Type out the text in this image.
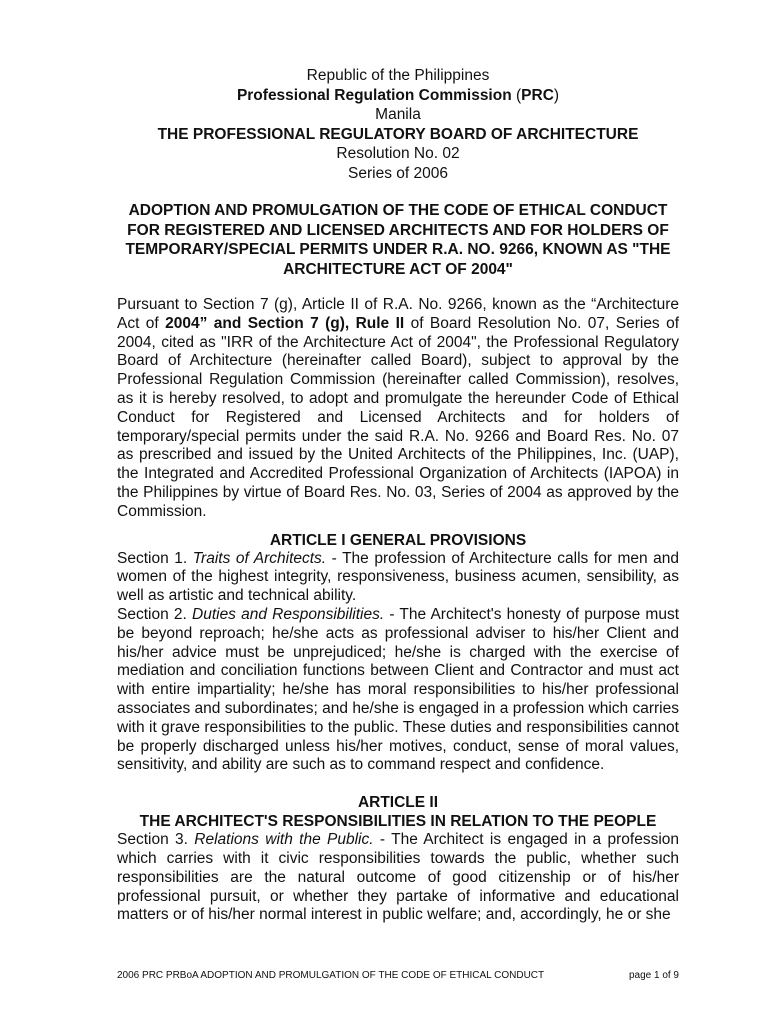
Republic of the Philippines
Professional Regulation Commission (PRC)
Manila
THE PROFESSIONAL REGULATORY BOARD OF ARCHITECTURE
Resolution No. 02
Series of 2006
ADOPTION AND PROMULGATION OF THE CODE OF ETHICAL CONDUCT FOR REGISTERED AND LICENSED ARCHITECTS AND FOR HOLDERS OF TEMPORARY/SPECIAL PERMITS UNDER R.A. NO. 9266, KNOWN AS "THE ARCHITECTURE ACT OF 2004"
Pursuant to Section 7 (g), Article II of R.A. No. 9266, known as the “Architecture Act of 2004” and Section 7 (g), Rule II of Board Resolution No. 07, Series of 2004, cited as "IRR of the Architecture Act of 2004", the Professional Regulatory Board of Architecture (hereinafter called Board), subject to approval by the Professional Regulation Commission (hereinafter called Commission), resolves, as it is hereby resolved, to adopt and promulgate the hereunder Code of Ethical Conduct for Registered and Licensed Architects and for holders of temporary/special permits under the said R.A. No. 9266 and Board Res. No. 07 as prescribed and issued by the United Architects of the Philippines, Inc. (UAP), the Integrated and Accredited Professional Organization of Architects (IAPOA) in the Philippines by virtue of Board Res. No. 03, Series of 2004 as approved by the Commission.
ARTICLE I GENERAL PROVISIONS
Section 1. Traits of Architects. - The profession of Architecture calls for men and women of the highest integrity, responsiveness, business acumen, sensibility, as well as artistic and technical ability.
Section 2. Duties and Responsibilities. - The Architect's honesty of purpose must be beyond reproach; he/she acts as professional adviser to his/her Client and his/her advice must be unprejudiced; he/she is charged with the exercise of mediation and conciliation functions between Client and Contractor and must act with entire impartiality; he/she has moral responsibilities to his/her professional associates and subordinates; and he/she is engaged in a profession which carries with it grave responsibilities to the public. These duties and responsibilities cannot be properly discharged unless his/her motives, conduct, sense of moral values, sensitivity, and ability are such as to command respect and confidence.
ARTICLE II
THE ARCHITECT'S RESPONSIBILITIES IN RELATION TO THE PEOPLE
Section 3. Relations with the Public. - The Architect is engaged in a profession which carries with it civic responsibilities towards the public, whether such responsibilities are the natural outcome of good citizenship or of his/her professional pursuit, or whether they partake of informative and educational matters or of his/her normal interest in public welfare; and, accordingly, he or she
2006 PRC PRBoA ADOPTION AND PROMULGATION OF THE CODE OF ETHICAL CONDUCT	page 1 of 9
